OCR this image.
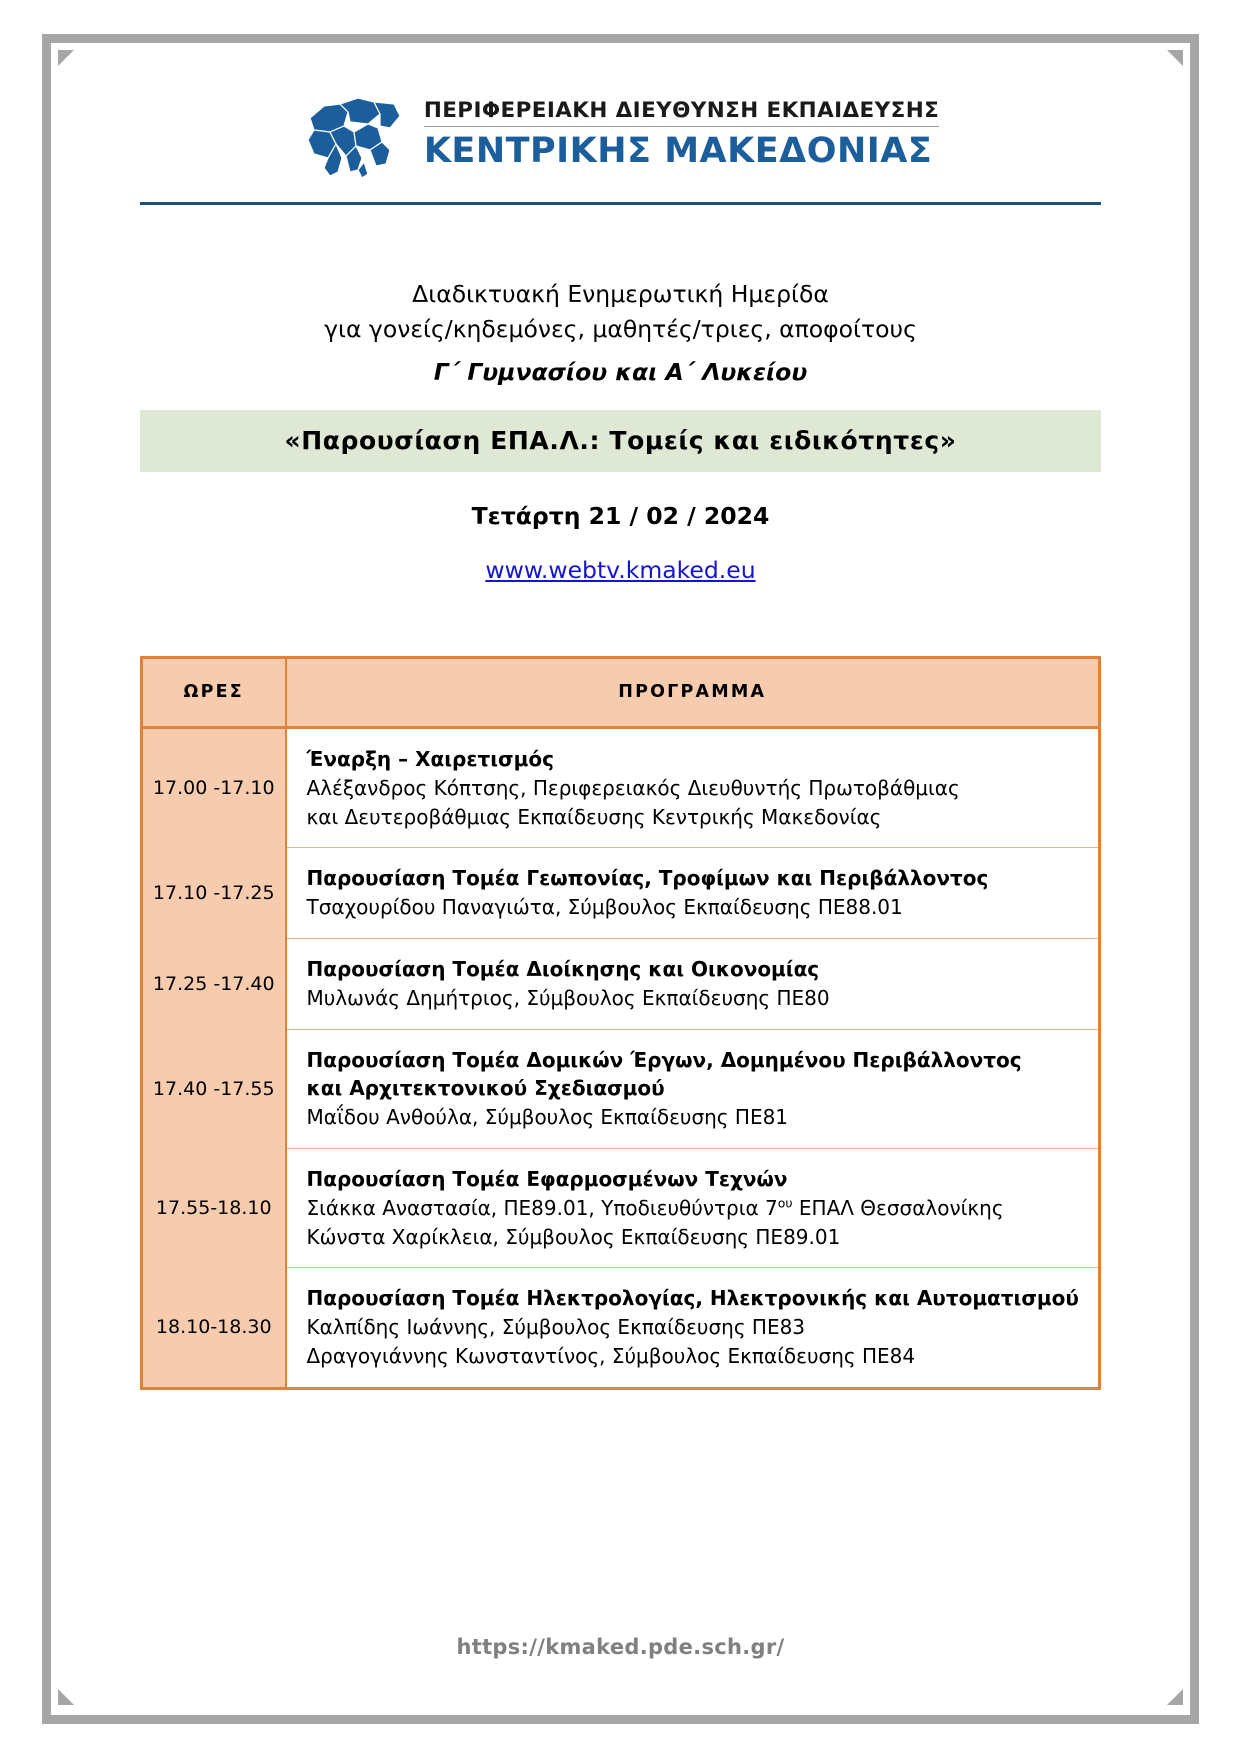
ΠΕΡΙΦΕΡΕΙΑΚΗ ΔΙΕΥΘΥΝΣΗ ΕΚΠΑΙΔΕΥΣΗΣ
ΚΕΝΤΡΙΚΗΣ ΜΑΚΕΔΟΝΙΑΣ
Διαδικτυακή Ενημερωτική Ημερίδα
για γονείς/κηδεμόνες, μαθητές/τριες, αποφοίτους
Γ΄ Γυμνασίου και Α΄ Λυκείου
«Παρουσίαση ΕΠΑ.Λ.: Τομείς και ειδικότητες»
Τετάρτη 21 / 02 / 2024
www.webtv.kmaked.eu
ΩΡΕΣ	ΠΡΟΓΡΑΜΜΑ
17.00 -17.10	Έναρξη – Χαιρετισμός
Αλέξανδρος Κόπτσης, Περιφερειακός Διευθυντής Πρωτοβάθμιας
και Δευτεροβάθμιας Εκπαίδευσης Κεντρικής Μακεδονίας

17.10 -17.25	Παρουσίαση Τομέα Γεωπονίας, Τροφίμων και Περιβάλλοντος
Τσαχουρίδου Παναγιώτα, Σύμβουλος Εκπαίδευσης ΠΕ88.01

17.25 -17.40	Παρουσίαση Τομέα Διοίκησης και Οικονομίας
Μυλωνάς Δημήτριος, Σύμβουλος Εκπαίδευσης ΠΕ80

17.40 -17.55	Παρουσίαση Τομέα Δομικών Έργων, Δομημένου Περιβάλλοντος
και Αρχιτεκτονικού Σχεδιασμού
Μαΐδου Ανθούλα, Σύμβουλος Εκπαίδευσης ΠΕ81

17.55-18.10	Παρουσίαση Τομέα Εφαρμοσμένων Τεχνών
Σιάκκα Αναστασία, ΠΕ89.01, Υποδιευθύντρια $7^{o\upsilon}$ ΕΠΑΛ Θεσσαλονίκης
Κώνστα Χαρίκλεια, Σύμβουλος Εκπαίδευσης ΠΕ89.01

18.10-18.30	Παρουσίαση Τομέα Ηλεκτρολογίας, Ηλεκτρονικής και Αυτοματισμού
Καλπίδης Ιωάννης, Σύμβουλος Εκπαίδευσης ΠΕ83
Δραγογιάννης Κωνσταντίνος, Σύμβουλος Εκπαίδευσης ΠΕ84
https://kmaked.pde.sch.gr/
